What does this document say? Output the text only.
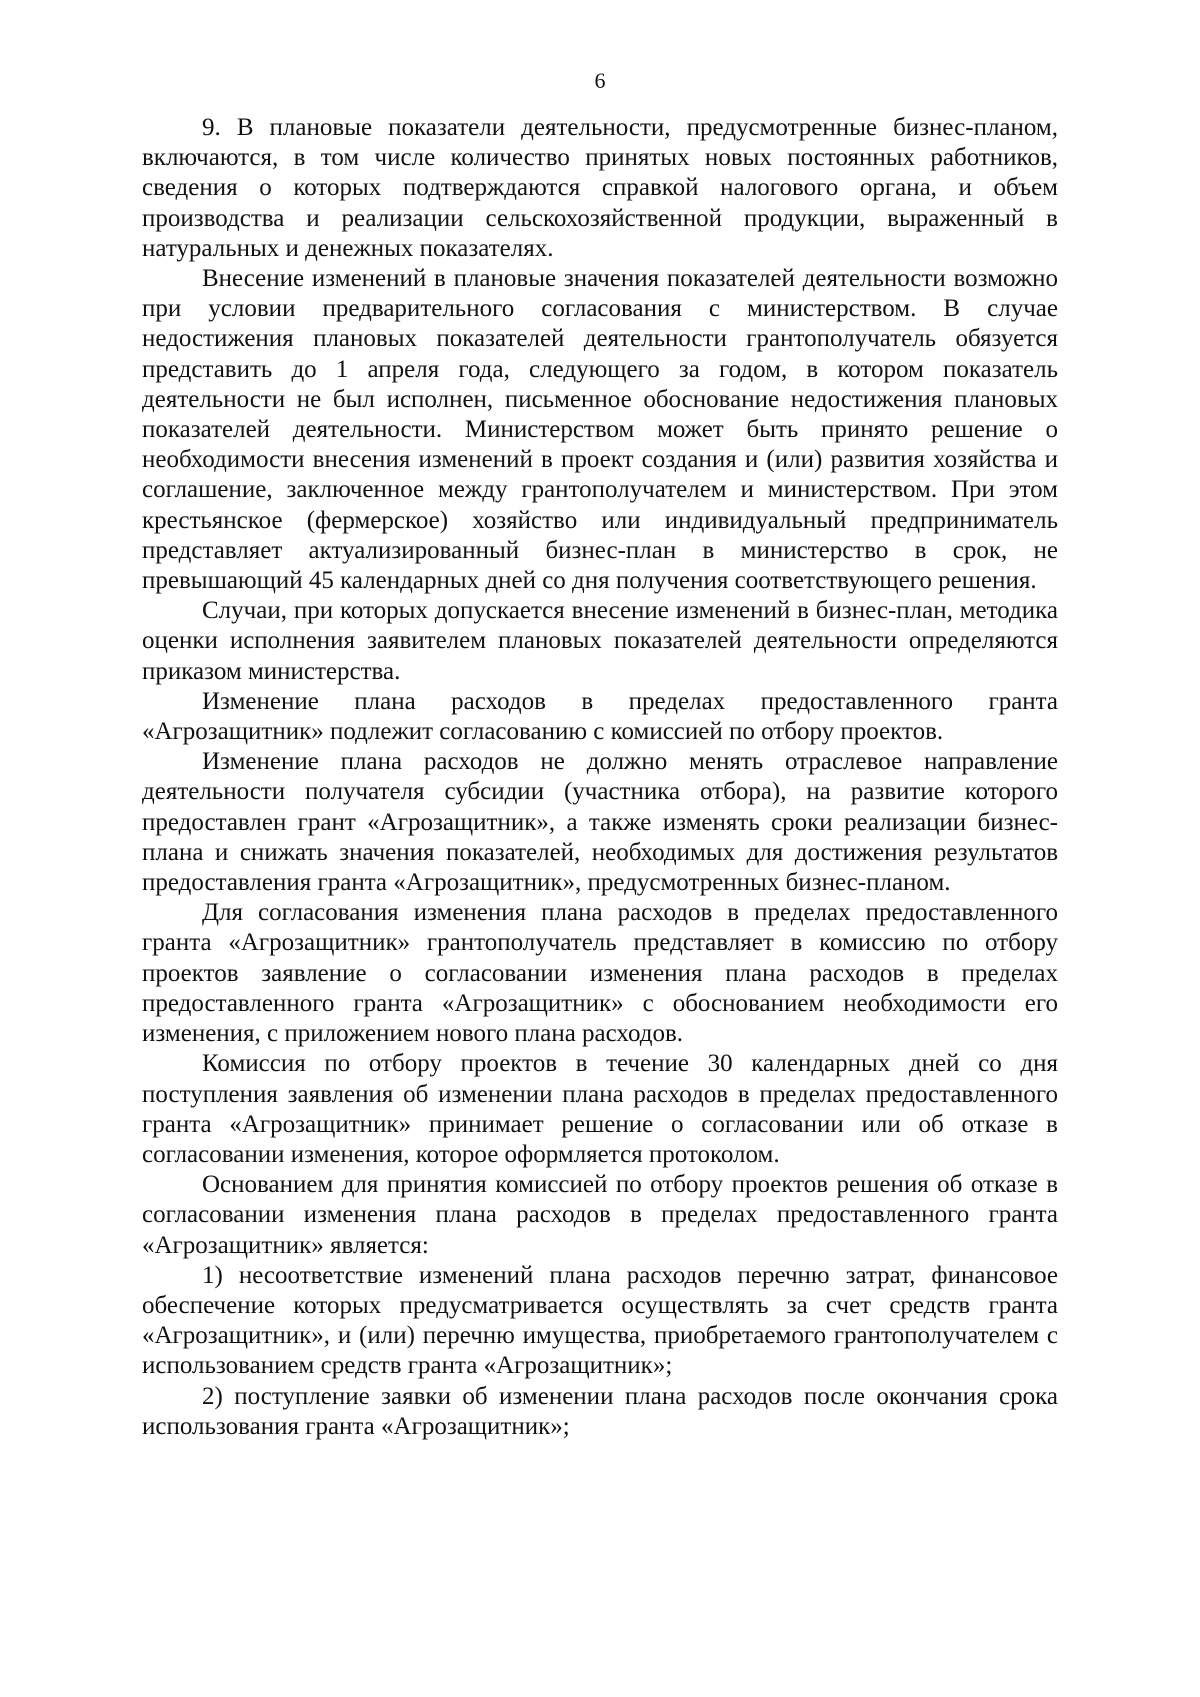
6

9. В плановые показатели деятельности, предусмотренные бизнес-планом, включаются, в том числе количество принятых новых постоянных работников, сведения о которых подтверждаются справкой налогового органа, и объем производства и реализации сельскохозяйственной продукции, выраженный в натуральных и денежных показателях.

Внесение изменений в плановые значения показателей деятельности возможно при условии предварительного согласования с министерством. В случае недостижения плановых показателей деятельности грантополучатель обязуется представить до 1 апреля года, следующего за годом, в котором показатель деятельности не был исполнен, письменное обоснование недостижения плановых показателей деятельности. Министерством может быть принято решение о необходимости внесения изменений в проект создания и (или) развития хозяйства и соглашение, заключенное между грантополучателем и министерством. При этом крестьянское (фермерское) хозяйство или индивидуальный предприниматель представляет актуализированный бизнес-план в министерство в срок, не превышающий 45 календарных дней со дня получения соответствующего решения.

Случаи, при которых допускается внесение изменений в бизнес-план, методика оценки исполнения заявителем плановых показателей деятельности определяются приказом министерства.

Изменение плана расходов в пределах предоставленного гранта «Агрозащитник» подлежит согласованию с комиссией по отбору проектов.

Изменение плана расходов не должно менять отраслевое направление деятельности получателя субсидии (участника отбора), на развитие которого предоставлен грант «Агрозащитник», а также изменять сроки реализации бизнес-плана и снижать значения показателей, необходимых для достижения результатов предоставления гранта «Агрозащитник», предусмотренных бизнес-планом.

Для согласования изменения плана расходов в пределах предоставленного гранта «Агрозащитник» грантополучатель представляет в комиссию по отбору проектов заявление о согласовании изменения плана расходов в пределах предоставленного гранта «Агрозащитник» с обоснованием необходимости его изменения, с приложением нового плана расходов.

Комиссия по отбору проектов в течение 30 календарных дней со дня поступления заявления об изменении плана расходов в пределах предоставленного гранта «Агрозащитник» принимает решение о согласовании или об отказе в согласовании изменения, которое оформляется протоколом.

Основанием для принятия комиссией по отбору проектов решения об отказе в согласовании изменения плана расходов в пределах предоставленного гранта «Агрозащитник» является:

1) несоответствие изменений плана расходов перечню затрат, финансовое обеспечение которых предусматривается осуществлять за счет средств гранта «Агрозащитник», и (или) перечню имущества, приобретаемого грантополучателем с использованием средств гранта «Агрозащитник»;

2) поступление заявки об изменении плана расходов после окончания срока использования гранта «Агрозащитник»;
